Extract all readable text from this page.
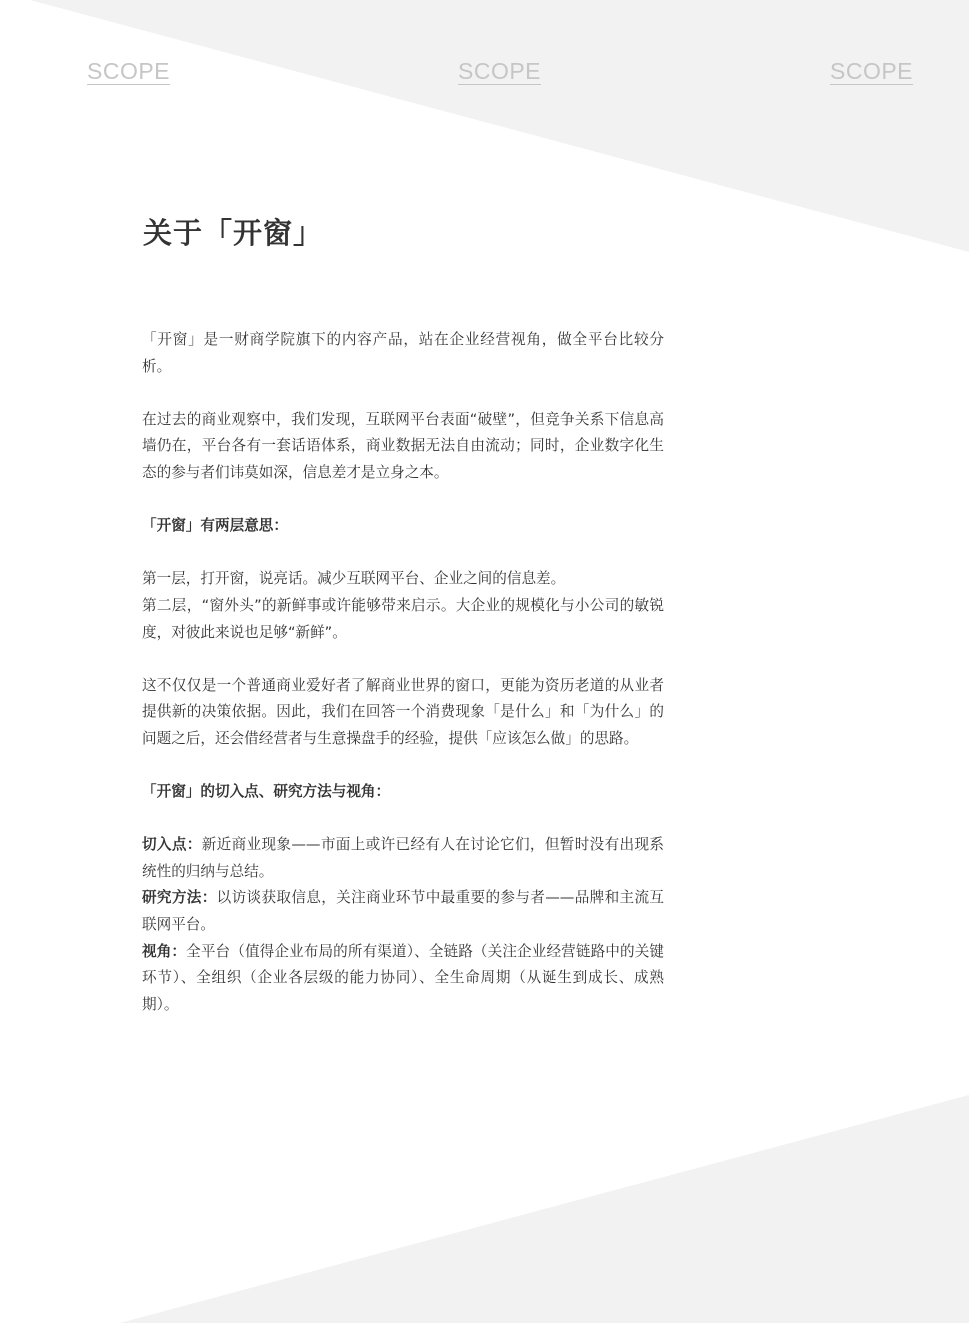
SCOPE	SCOPE	SCOPE
关于「开窗」

「开窗」是一财商学院旗下的内容产品，站在企业经营视角，做全平台比较分析。

在过去的商业观察中，我们发现，互联网平台表面“破壁”，但竞争关系下信息高墙仍在，平台各有一套话语体系，商业数据无法自由流动；同时，企业数字化生态的参与者们讳莫如深，信息差才是立身之本。

「开窗」有两层意思：

第一层，打开窗，说亮话。减少互联网平台、企业之间的信息差。

第二层，“窗外头”的新鲜事或许能够带来启示。大企业的规模化与小公司的敏锐度，对彼此来说也足够“新鲜”。

这不仅仅是一个普通商业爱好者了解商业世界的窗口，更能为资历老道的从业者提供新的决策依据。因此，我们在回答一个消费现象「是什么」和「为什么」的问题之后，还会借经营者与生意操盘手的经验，提供「应该怎么做」的思路。

「开窗」的切入点、研究方法与视角：

切入点：新近商业现象——市面上或许已经有人在讨论它们，但暂时没有出现系统性的归纳与总结。

研究方法：以访谈获取信息，关注商业环节中最重要的参与者——品牌和主流互联网平台。

视角：全平台（值得企业布局的所有渠道）、全链路（关注企业经营链路中的关键环节）、全组织（企业各层级的能力协同）、全生命周期（从诞生到成长、成熟期）。
